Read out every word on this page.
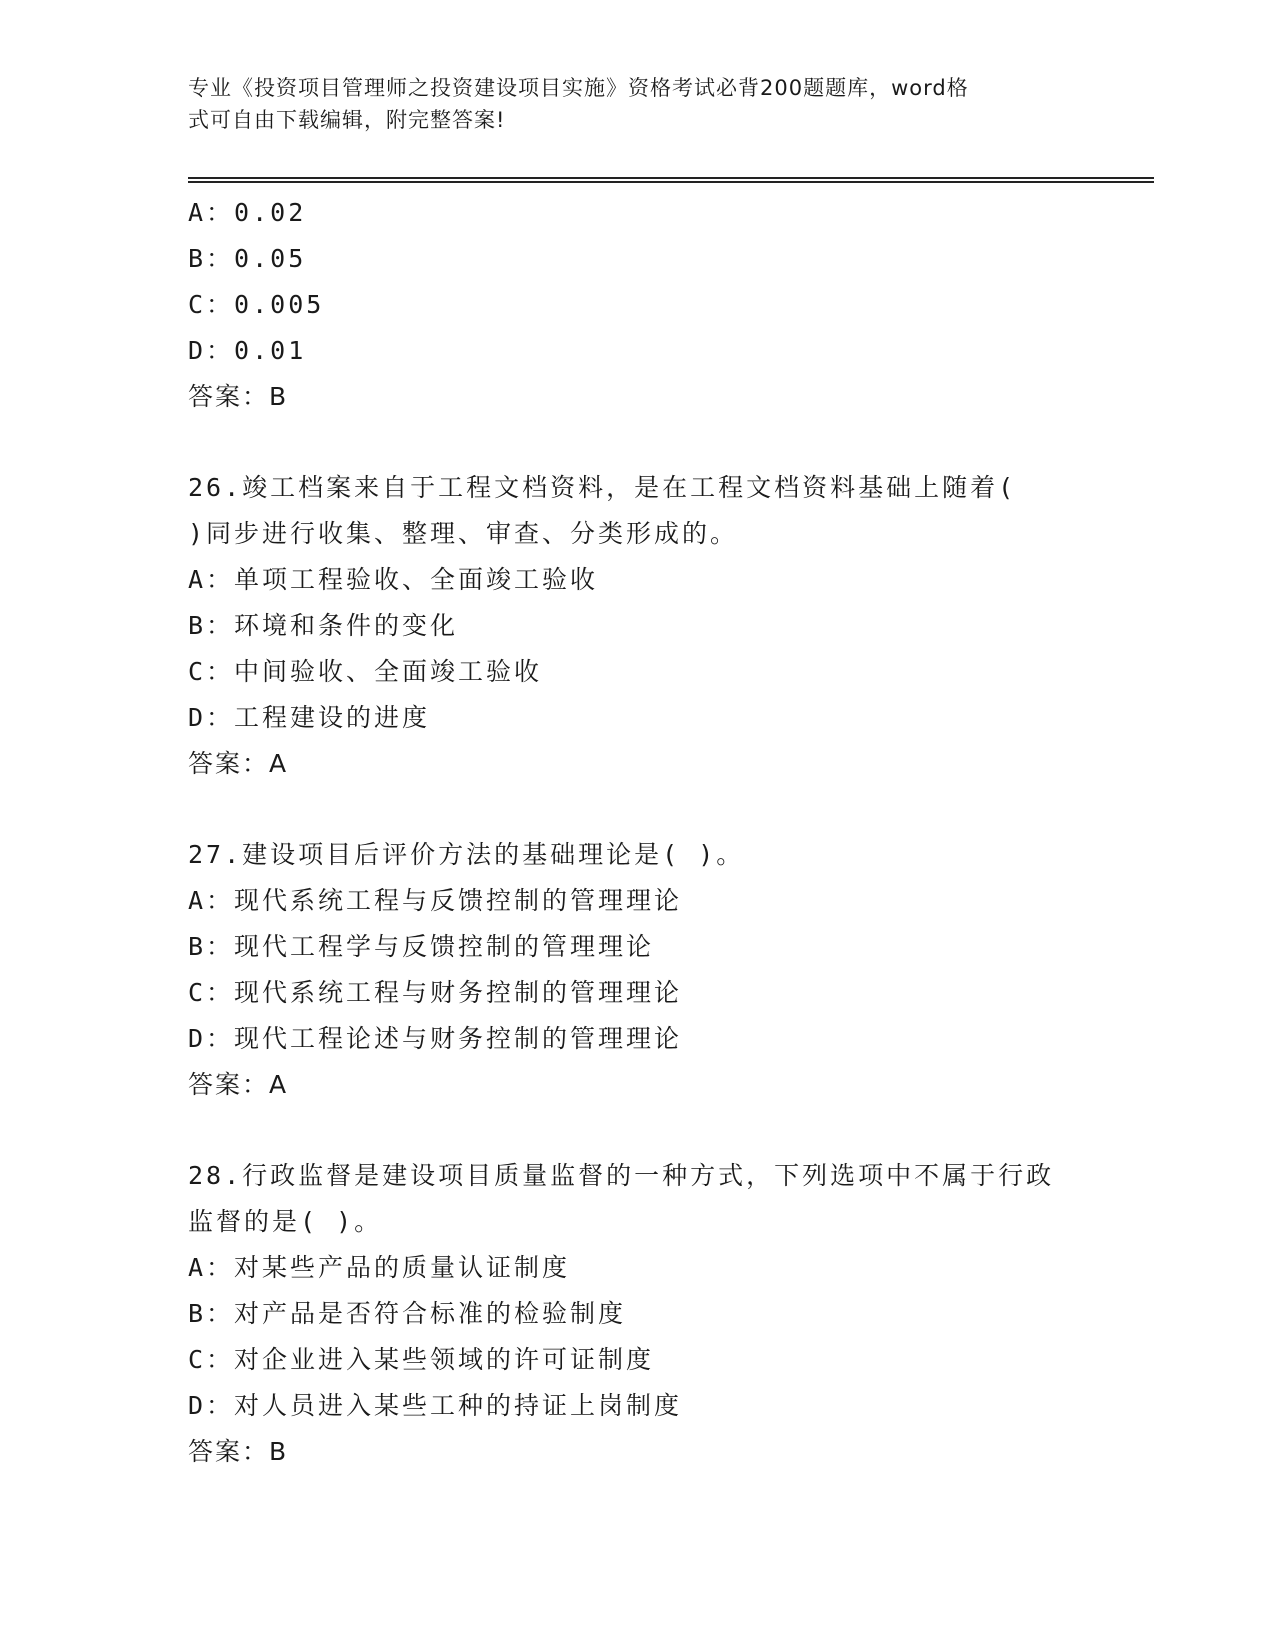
专业《投资项目管理师之投资建设项目实施》资格考试必背200题题库，word格
式可自由下载编辑，附完整答案!
A：0.02
B：0.05
C：0.005
D：0.01
答案：B
26.竣工档案来自于工程文档资料，是在工程文档资料基础上随着(
)同步进行收集、整理、审查、分类形成的。
A：单项工程验收、全面竣工验收
B：环境和条件的变化
C：中间验收、全面竣工验收
D：工程建设的进度
答案：A
27.建设项目后评价方法的基础理论是( )。
A：现代系统工程与反馈控制的管理理论
B：现代工程学与反馈控制的管理理论
C：现代系统工程与财务控制的管理理论
D：现代工程论述与财务控制的管理理论
答案：A
28.行政监督是建设项目质量监督的一种方式，下列选项中不属于行政
监督的是( )。
A：对某些产品的质量认证制度
B：对产品是否符合标准的检验制度
C：对企业进入某些领域的许可证制度
D：对人员进入某些工种的持证上岗制度
答案：B
